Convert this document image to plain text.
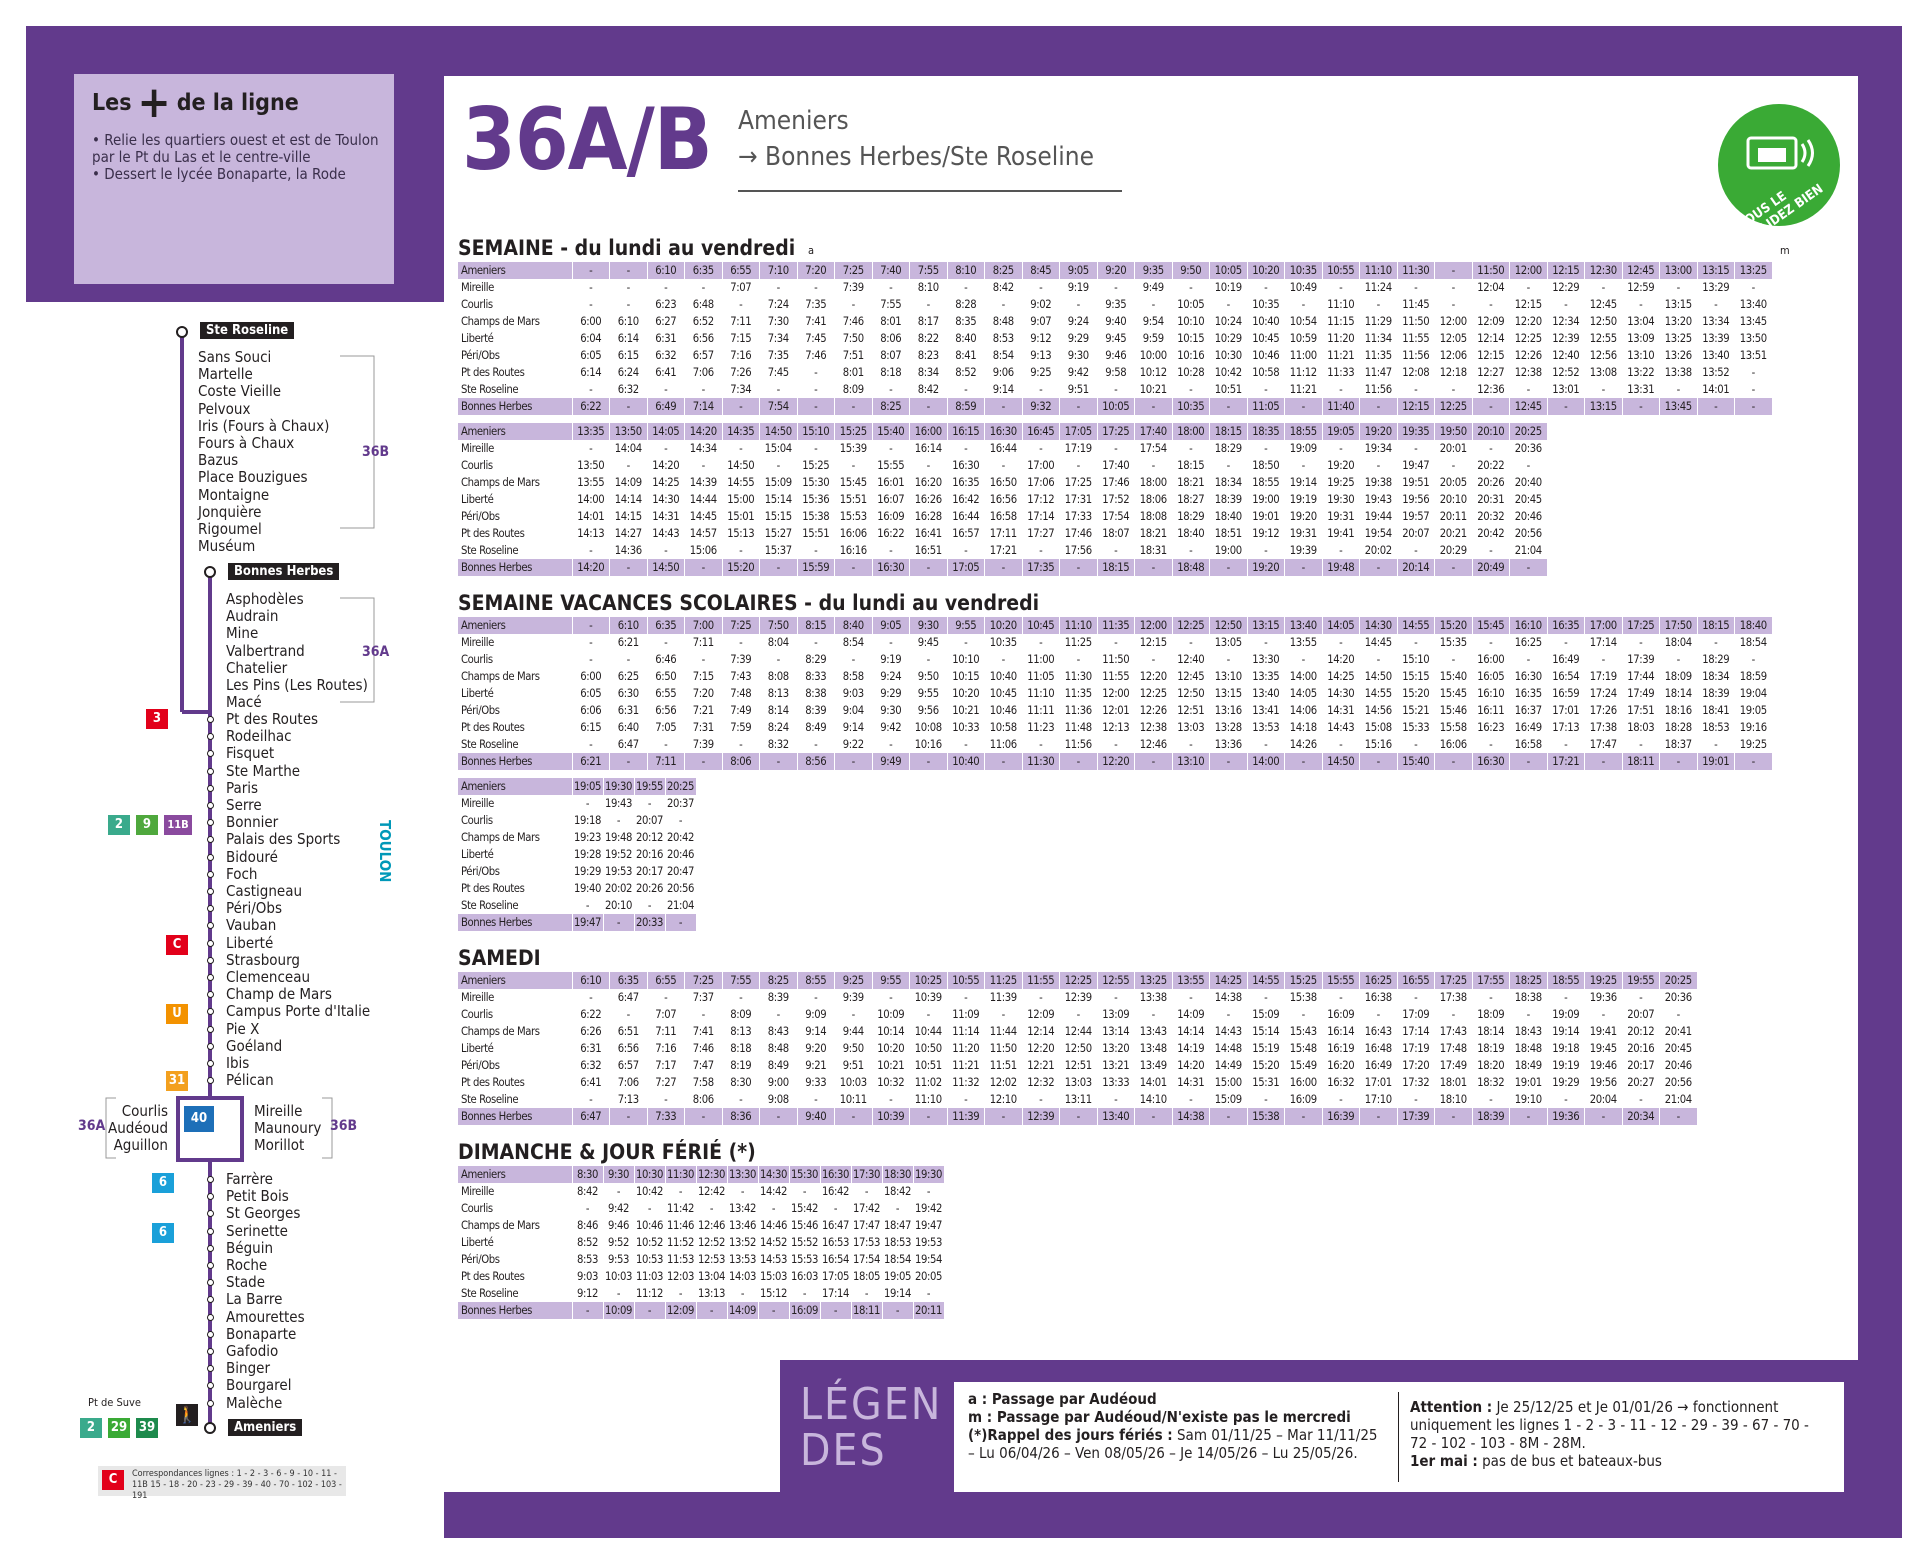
Les + de la ligne
• Relie les quartiers ouest et est de Toulon par le Pt du Las et le centre-ville
• Dessert le lycée Bonaparte, la Rode	36A/B Ameniers
→ Bonnes Herbes/Ste Roseline
VOUS LE VALIDEZ BIEN
SEMAINE - du lundi au vendredi a	m
Ameniers	-	-	6:10	6:35	6:55	7:10	7:20	7:25	7:40	7:55	8:10	8:25	8:45	9:05	9:20	9:35	9:50	10:05	10:20	10:35	10:55	11:10	11:30	-	11:50	12:00	12:15	12:30	12:45	13:00	13:15	13:25
Mireille	-	-	-	-	7:07	-	-	7:39	-	8:10	-	8:42	-	9:19	-	9:49	-	10:19	-	10:49	-	11:24	-	-	12:04	-	12:29	-	12:59	-	13:29	-
Courlis	-	-	6:23	6:48	-	7:24	7:35	-	7:55	-	8:28	-	9:02	-	9:35	-	10:05	-	10:35	-	11:10	-	11:45	-	-	12:15	-	12:45	-	13:15	-	13:40
Champs de Mars	6:00	6:10	6:27	6:52	7:11	7:30	7:41	7:46	8:01	8:17	8:35	8:48	9:07	9:24	9:40	9:54	10:10	10:24	10:40	10:54	11:15	11:29	11:50	12:00	12:09	12:20	12:34	12:50	13:04	13:20	13:34	13:45
Liberté	6:04	6:14	6:31	6:56	7:15	7:34	7:45	7:50	8:06	8:22	8:40	8:53	9:12	9:29	9:45	9:59	10:15	10:29	10:45	10:59	11:20	11:34	11:55	12:05	12:14	12:25	12:39	12:55	13:09	13:25	13:39	13:50
Péri/Obs	6:05	6:15	6:32	6:57	7:16	7:35	7:46	7:51	8:07	8:23	8:41	8:54	9:13	9:30	9:46	10:00	10:16	10:30	10:46	11:00	11:21	11:35	11:56	12:06	12:15	12:26	12:40	12:56	13:10	13:26	13:40	13:51
Pt des Routes	6:14	6:24	6:41	7:06	7:26	7:45	-	8:01	8:18	8:34	8:52	9:06	9:25	9:42	9:58	10:12	10:28	10:42	10:58	11:12	11:33	11:47	12:08	12:18	12:27	12:38	12:52	13:08	13:22	13:38	13:52	-
Ste Roseline	-	6:32	-	-	7:34	-	-	8:09	-	8:42	-	9:14	-	9:51	-	10:21	-	10:51	-	11:21	-	11:56	-	-	12:36	-	13:01	-	13:31	-	14:01	-
Bonnes Herbes	6:22	-	6:49	7:14	-	7:54	-	-	8:25	-	8:59	-	9:32	-	10:05	-	10:35	-	11:05	-	11:40	-	12:15	12:25	-	12:45	-	13:15	-	13:45	-	-
Ameniers	13:35	13:50	14:05	14:20	14:35	14:50	15:10	15:25	15:40	16:00	16:15	16:30	16:45	17:05	17:25	17:40	18:00	18:15	18:35	18:55	19:05	19:20	19:35	19:50	20:10	20:25
Mireille	-	14:04	-	14:34	-	15:04	-	15:39	-	16:14	-	16:44	-	17:19	-	17:54	-	18:29	-	19:09	-	19:34	-	20:01	-	20:36
Courlis	13:50	-	14:20	-	14:50	-	15:25	-	15:55	-	16:30	-	17:00	-	17:40	-	18:15	-	18:50	-	19:20	-	19:47	-	20:22	-
Champs de Mars	13:55	14:09	14:25	14:39	14:55	15:09	15:30	15:45	16:01	16:20	16:35	16:50	17:06	17:25	17:46	18:00	18:21	18:34	18:55	19:14	19:25	19:38	19:51	20:05	20:26	20:40
Liberté	14:00	14:14	14:30	14:44	15:00	15:14	15:36	15:51	16:07	16:26	16:42	16:56	17:12	17:31	17:52	18:06	18:27	18:39	19:00	19:19	19:30	19:43	19:56	20:10	20:31	20:45
Péri/Obs	14:01	14:15	14:31	14:45	15:01	15:15	15:38	15:53	16:09	16:28	16:44	16:58	17:14	17:33	17:54	18:08	18:29	18:40	19:01	19:20	19:31	19:44	19:57	20:11	20:32	20:46
Pt des Routes	14:13	14:27	14:43	14:57	15:13	15:27	15:51	16:06	16:22	16:41	16:57	17:11	17:27	17:46	18:07	18:21	18:40	18:51	19:12	19:31	19:41	19:54	20:07	20:21	20:42	20:56
Ste Roseline	-	14:36	-	15:06	-	15:37	-	16:16	-	16:51	-	17:21	-	17:56	-	18:31	-	19:00	-	19:39	-	20:02	-	20:29	-	21:04
Bonnes Herbes	14:20	-	14:50	-	15:20	-	15:59	-	16:30	-	17:05	-	17:35	-	18:15	-	18:48	-	19:20	-	19:48	-	20:14	-	20:49	-
SEMAINE VACANCES SCOLAIRES - du lundi au vendredi
Ameniers	-	6:10	6:35	7:00	7:25	7:50	8:15	8:40	9:05	9:30	9:55	10:20	10:45	11:10	11:35	12:00	12:25	12:50	13:15	13:40	14:05	14:30	14:55	15:20	15:45	16:10	16:35	17:00	17:25	17:50	18:15	18:40
Mireille	-	6:21	-	7:11	-	8:04	-	8:54	-	9:45	-	10:35	-	11:25	-	12:15	-	13:05	-	13:55	-	14:45	-	15:35	-	16:25	-	17:14	-	18:04	-	18:54
Courlis	-	-	6:46	-	7:39	-	8:29	-	9:19	-	10:10	-	11:00	-	11:50	-	12:40	-	13:30	-	14:20	-	15:10	-	16:00	-	16:49	-	17:39	-	18:29	-
Champs de Mars	6:00	6:25	6:50	7:15	7:43	8:08	8:33	8:58	9:24	9:50	10:15	10:40	11:05	11:30	11:55	12:20	12:45	13:10	13:35	14:00	14:25	14:50	15:15	15:40	16:05	16:30	16:54	17:19	17:44	18:09	18:34	18:59
Liberté	6:05	6:30	6:55	7:20	7:48	8:13	8:38	9:03	9:29	9:55	10:20	10:45	11:10	11:35	12:00	12:25	12:50	13:15	13:40	14:05	14:30	14:55	15:20	15:45	16:10	16:35	16:59	17:24	17:49	18:14	18:39	19:04
Péri/Obs	6:06	6:31	6:56	7:21	7:49	8:14	8:39	9:04	9:30	9:56	10:21	10:46	11:11	11:36	12:01	12:26	12:51	13:16	13:41	14:06	14:31	14:56	15:21	15:46	16:11	16:37	17:01	17:26	17:51	18:16	18:41	19:05
Pt des Routes	6:15	6:40	7:05	7:31	7:59	8:24	8:49	9:14	9:42	10:08	10:33	10:58	11:23	11:48	12:13	12:38	13:03	13:28	13:53	14:18	14:43	15:08	15:33	15:58	16:23	16:49	17:13	17:38	18:03	18:28	18:53	19:16
Ste Roseline	-	6:47	-	7:39	-	8:32	-	9:22	-	10:16	-	11:06	-	11:56	-	12:46	-	13:36	-	14:26	-	15:16	-	16:06	-	16:58	-	17:47	-	18:37	-	19:25
Bonnes Herbes	6:21	-	7:11	-	8:06	-	8:56	-	9:49	-	10:40	-	11:30	-	12:20	-	13:10	-	14:00	-	14:50	-	15:40	-	16:30	-	17:21	-	18:11	-	19:01	-
Ameniers	19:05	19:30	19:55	20:25
Mireille	-	19:43	-	20:37
Courlis	19:18	-	20:07	-
Champs de Mars	19:23	19:48	20:12	20:42
Liberté	19:28	19:52	20:16	20:46
Péri/Obs	19:29	19:53	20:17	20:47
Pt des Routes	19:40	20:02	20:26	20:56
Ste Roseline	-	20:10	-	21:04
Bonnes Herbes	19:47	-	20:33	-
SAMEDI
Ameniers	6:10	6:35	6:55	7:25	7:55	8:25	8:55	9:25	9:55	10:25	10:55	11:25	11:55	12:25	12:55	13:25	13:55	14:25	14:55	15:25	15:55	16:25	16:55	17:25	17:55	18:25	18:55	19:25	19:55	20:25
Mireille	-	6:47	-	7:37	-	8:39	-	9:39	-	10:39	-	11:39	-	12:39	-	13:38	-	14:38	-	15:38	-	16:38	-	17:38	-	18:38	-	19:36	-	20:36
Courlis	6:22	-	7:07	-	8:09	-	9:09	-	10:09	-	11:09	-	12:09	-	13:09	-	14:09	-	15:09	-	16:09	-	17:09	-	18:09	-	19:09	-	20:07	-
Champs de Mars	6:26	6:51	7:11	7:41	8:13	8:43	9:14	9:44	10:14	10:44	11:14	11:44	12:14	12:44	13:14	13:43	14:14	14:43	15:14	15:43	16:14	16:43	17:14	17:43	18:14	18:43	19:14	19:41	20:12	20:41
Liberté	6:31	6:56	7:16	7:46	8:18	8:48	9:20	9:50	10:20	10:50	11:20	11:50	12:20	12:50	13:20	13:48	14:19	14:48	15:19	15:48	16:19	16:48	17:19	17:48	18:19	18:48	19:18	19:45	20:16	20:45
Péri/Obs	6:32	6:57	7:17	7:47	8:19	8:49	9:21	9:51	10:21	10:51	11:21	11:51	12:21	12:51	13:21	13:49	14:20	14:49	15:20	15:49	16:20	16:49	17:20	17:49	18:20	18:49	19:19	19:46	20:17	20:46
Pt des Routes	6:41	7:06	7:27	7:58	8:30	9:00	9:33	10:03	10:32	11:02	11:32	12:02	12:32	13:03	13:33	14:01	14:31	15:00	15:31	16:00	16:32	17:01	17:32	18:01	18:32	19:01	19:29	19:56	20:27	20:56
Ste Roseline	-	7:13	-	8:06	-	9:08	-	10:11	-	11:10	-	12:10	-	13:11	-	14:10	-	15:09	-	16:09	-	17:10	-	18:10	-	19:10	-	20:04	-	21:04
Bonnes Herbes	6:47	-	7:33	-	8:36	-	9:40	-	10:39	-	11:39	-	12:39	-	13:40	-	14:38	-	15:38	-	16:39	-	17:39	-	18:39	-	19:36	-	20:34	-
DIMANCHE & JOUR FÉRIÉ (*)
Ameniers	8:30	9:30	10:30	11:30	12:30	13:30	14:30	15:30	16:30	17:30	18:30	19:30
Mireille	8:42	-	10:42	-	12:42	-	14:42	-	16:42	-	18:42	-
Courlis	-	9:42	-	11:42	-	13:42	-	15:42	-	17:42	-	19:42
Champs de Mars	8:46	9:46	10:46	11:46	12:46	13:46	14:46	15:46	16:47	17:47	18:47	19:47
Liberté	8:52	9:52	10:52	11:52	12:52	13:52	14:52	15:52	16:53	17:53	18:53	19:53
Péri/Obs	8:53	9:53	10:53	11:53	12:53	13:53	14:53	15:53	16:54	17:54	18:54	19:54
Pt des Routes	9:03	10:03	11:03	12:03	13:04	14:03	15:03	16:03	17:05	18:05	19:05	20:05
Ste Roseline	9:12	-	11:12	-	13:13	-	15:12	-	17:14	-	19:14	-
Bonnes Herbes	-	10:09	-	12:09	-	14:09	-	16:09	-	18:11	-	20:11
LÉGEN
DES
a : Passage par Audéoud
m : Passage par Audéoud/N'existe pas le mercredi
(*)Rappel des jours fériés : Sam 01/11/25 – Mar 11/11/25 – Lu 06/04/26 – Ven 08/05/26 – Je 14/05/26 – Lu 25/05/26.
Attention : Je 25/12/25 et Je 01/01/26 → fonctionnent uniquement les lignes 1 - 2 - 3 - 11 - 12 - 29 - 39 - 67 - 70 - 72 - 102 - 103 - 8M - 28M.
1er mai : pas de bus et bateaux-bus
Ste Roseline
Bonnes Herbes
Ameniers
Sans Souci
Martelle
Coste Vieille
Pelvoux
Iris (Fours à Chaux)
Fours à Chaux
Bazus
Place Bouzigues
Montaigne
Jonquière
Rigoumel
Muséum
Asphodèles
Audrain
Mine
Valbertrand
Chatelier
Les Pins (Les Routes)
Macé
Pt des Routes
Rodeilhac
Fisquet
Ste Marthe
Paris
Serre
Bonnier
Palais des Sports
Bidouré
Foch
Castigneau
Péri/Obs
Vauban
Liberté
Strasbourg
Clemenceau
Champ de Mars
Campus Porte d'Italie
Pie X
Goéland
Ibis
Pélican
Farrère
Petit Bois
St Georges
Serinette
Béguin
Roche
Stade
La Barre
Amourettes
Bonaparte
Gafodio
Binger
Bourgarel
Malèche
Courlis
Audéoud
Aguillon
Mireille
Maunoury
Morillot
36B
36A
36A	36B
TOULON
40
3
2	9	11B
C
U
31
6
6
Pt de Suve
2	29 39
🚶
C	Correspondances lignes : 1 - 2 - 3 - 6 - 9 - 10 - 11 - 11B 15 - 18 - 20 - 23 - 29 - 39 - 40 - 70 - 102 - 103 - 191
